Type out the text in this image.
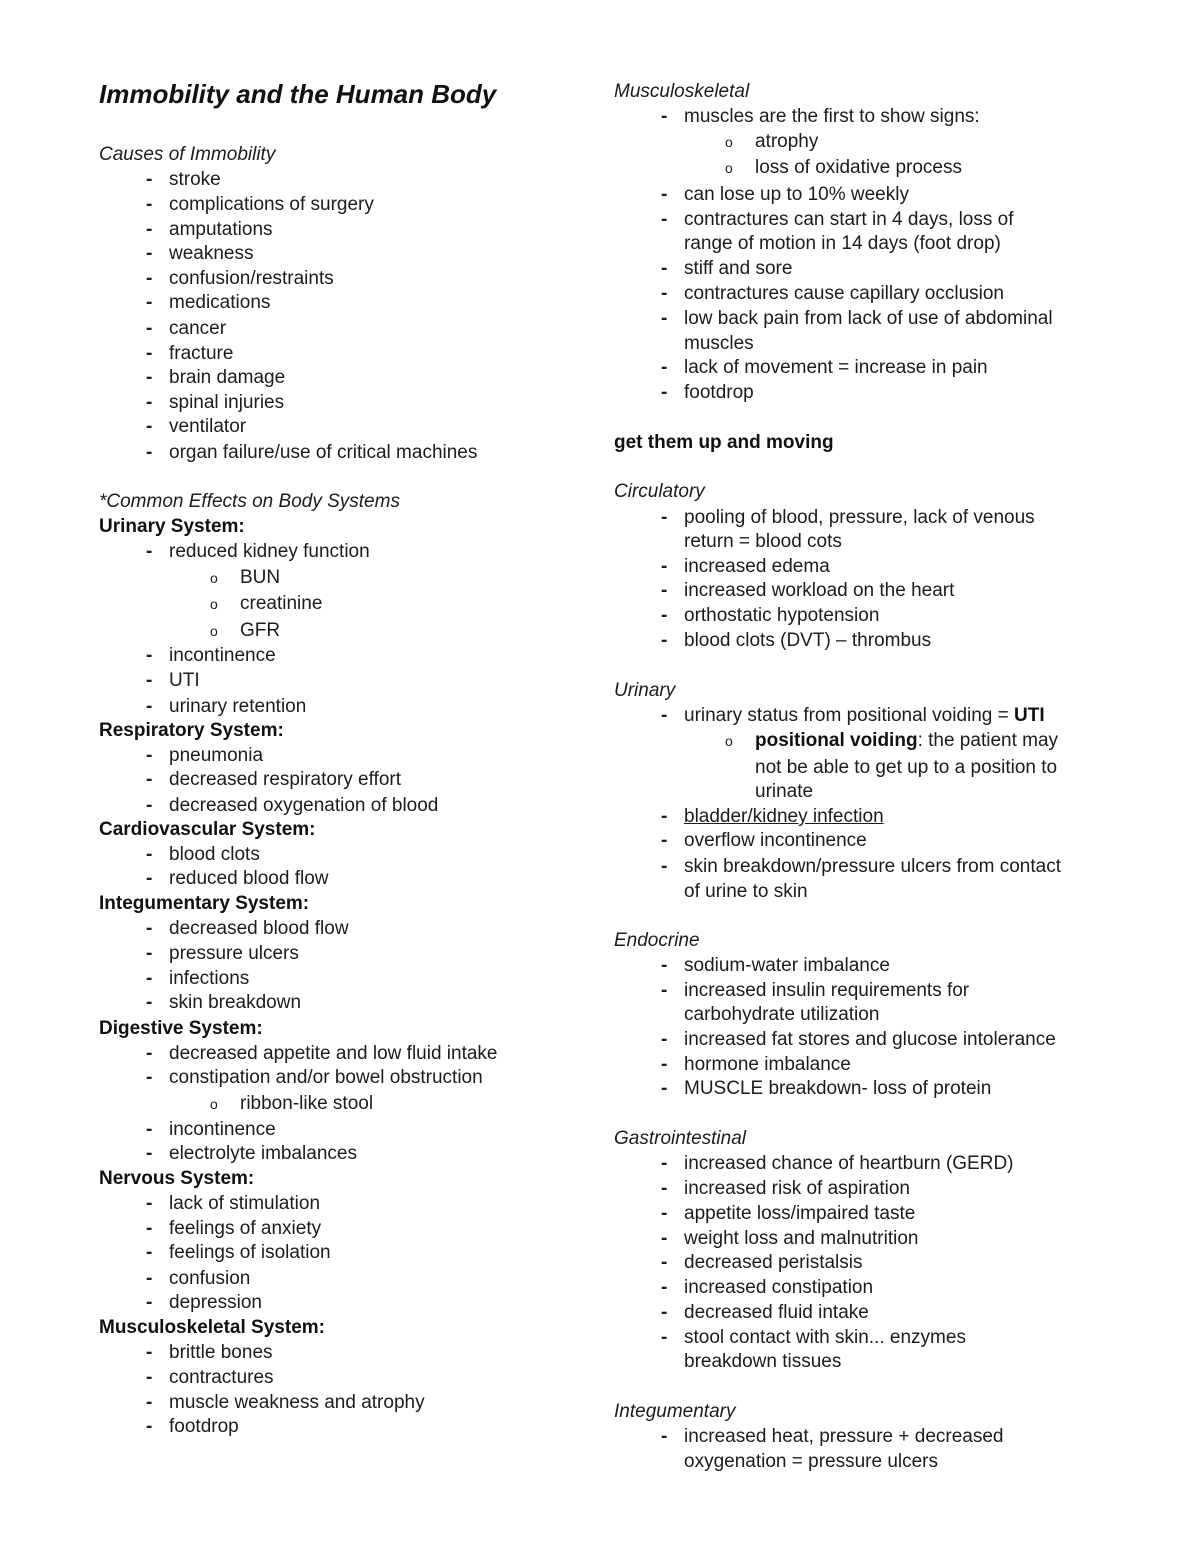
Immobility and the Human Body
Causes of Immobility
- stroke
- complications of surgery
- amputations
- weakness
- confusion/restraints
- medications
- cancer
- fracture
- brain damage
- spinal injuries
- ventilator
- organ failure/use of critical machines
*Common Effects on Body Systems
Urinary System:
- reduced kidney function
o BUN
o creatinine
o GFR
- incontinence
- UTI
- urinary retention
Respiratory System:
- pneumonia
- decreased respiratory effort
- decreased oxygenation of blood
Cardiovascular System:
- blood clots
- reduced blood flow
Integumentary System:
- decreased blood flow
- pressure ulcers
- infections
- skin breakdown
Digestive System:
- decreased appetite and low fluid intake
- constipation and/or bowel obstruction
o ribbon-like stool
- incontinence
- electrolyte imbalances
Nervous System:
- lack of stimulation
- feelings of anxiety
- feelings of isolation
- confusion
- depression
Musculoskeletal System:
- brittle bones
- contractures
- muscle weakness and atrophy
- footdrop
Musculoskeletal
- muscles are the first to show signs:
o atrophy
o loss of oxidative process
- can lose up to 10% weekly
- contractures can start in 4 days, loss of
range of motion in 14 days (foot drop)
- stiff and sore
- contractures cause capillary occlusion
- low back pain from lack of use of abdominal
muscles
- lack of movement = increase in pain
- footdrop
get them up and moving
Circulatory
- pooling of blood, pressure, lack of venous
return = blood cots
- increased edema
- increased workload on the heart
- orthostatic hypotension
- blood clots (DVT) – thrombus
Urinary
- urinary status from positional voiding = UTI
o positional voiding: the patient may
not be able to get up to a position to
urinate
- bladder/kidney infection
- overflow incontinence
- skin breakdown/pressure ulcers from contact
of urine to skin
Endocrine
- sodium-water imbalance
- increased insulin requirements for
carbohydrate utilization
- increased fat stores and glucose intolerance
- hormone imbalance
- MUSCLE breakdown- loss of protein
Gastrointestinal
- increased chance of heartburn (GERD)
- increased risk of aspiration
- appetite loss/impaired taste
- weight loss and malnutrition
- decreased peristalsis
- increased constipation
- decreased fluid intake
- stool contact with skin... enzymes
breakdown tissues
Integumentary
- increased heat, pressure + decreased
oxygenation = pressure ulcers
